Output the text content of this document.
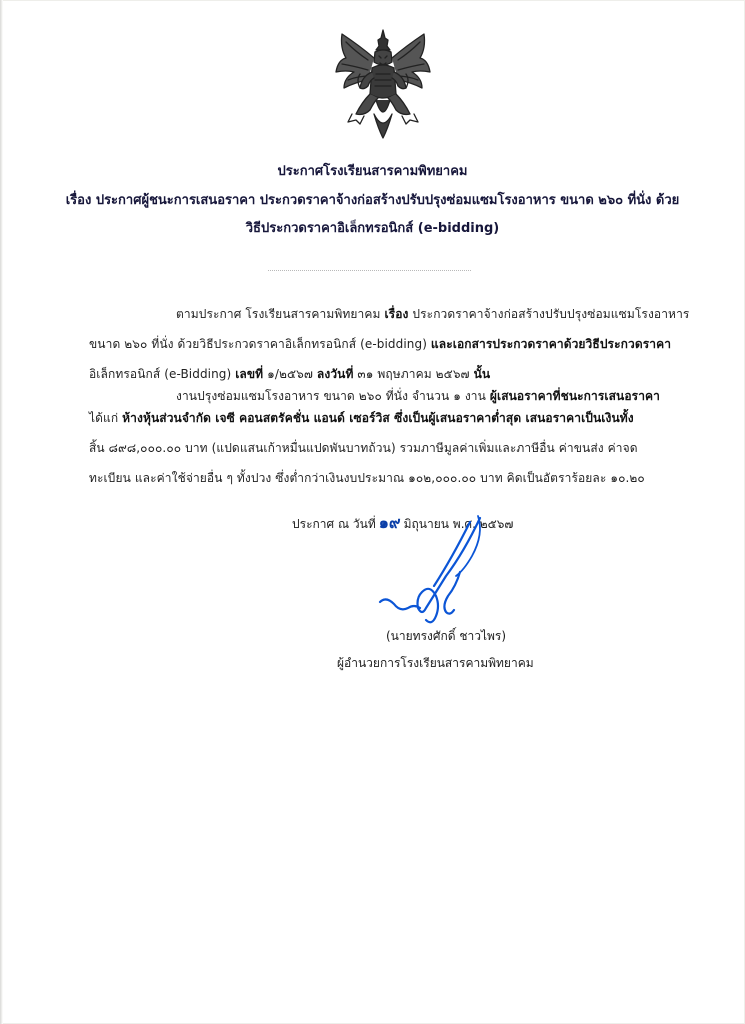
ประกาศโรงเรียนสารคามพิทยาคม
เรื่อง ประกาศผู้ชนะการเสนอราคา ประกวดราคาจ้างก่อสร้างปรับปรุงซ่อมแซมโรงอาหาร ขนาด ๒๖๐ ที่นั่ง ด้วย
วิธีประกวดราคาอิเล็กทรอนิกส์ (e-bidding)
ตามประกาศ โรงเรียนสารคามพิทยาคม เรื่อง ประกวดราคาจ้างก่อสร้างปรับปรุงซ่อมแซมโรงอาหาร
ขนาด ๒๖๐ ที่นั่ง ด้วยวิธีประกวดราคาอิเล็กทรอนิกส์ (e-bidding) และเอกสารประกวดราคาด้วยวิธีประกวดราคา
อิเล็กทรอนิกส์ (e-Bidding) เลขที่ ๑/๒๕๖๗ ลงวันที่ ๓๑ พฤษภาคม ๒๕๖๗ นั้น
งานปรุงซ่อมแซมโรงอาหาร ขนาด ๒๖๐ ที่นั่ง จำนวน ๑ งาน ผู้เสนอราคาที่ชนะการเสนอราคา
ได้แก่ ห้างหุ้นส่วนจำกัด เจซี คอนสตรัคชั่น แอนด์ เซอร์วิส ซึ่งเป็นผู้เสนอราคาต่ำสุด เสนอราคาเป็นเงินทั้ง
สิ้น ๘๙๘,๐๐๐.๐๐ บาท (แปดแสนเก้าหมื่นแปดพันบาทถ้วน) รวมภาษีมูลค่าเพิ่มและภาษีอื่น ค่าขนส่ง ค่าจด
ทะเบียน และค่าใช้จ่ายอื่น ๆ ทั้งปวง ซึ่งต่ำกว่าเงินงบประมาณ ๑๐๒,๐๐๐.๐๐ บาท คิดเป็นอัตราร้อยละ ๑๐.๒๐
ประกาศ ณ วันที่ ๑๙ มิถุนายน พ.ศ. ๒๕๖๗
(นายทรงศักดิ์ ชาวไพร)
ผู้อำนวยการโรงเรียนสารคามพิทยาคม
